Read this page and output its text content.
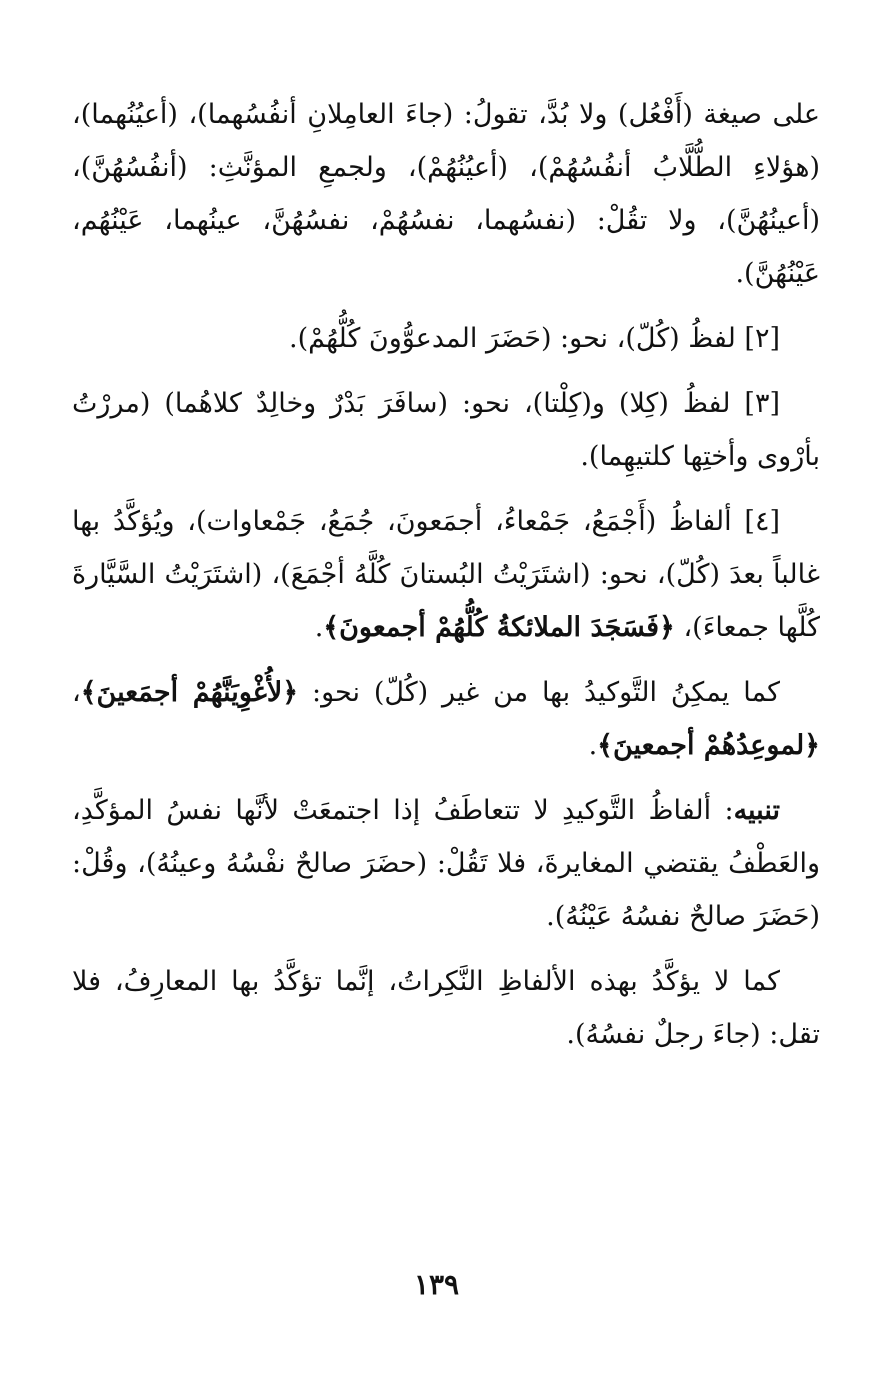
على صيغة (أَفْعُل) ولا بُدَّ، تقولُ: (جاءَ العامِلانِ أنفُسُهما)، (أعيُنُهما)، (هؤلاءِ الطُّلَّابُ أنفُسُهُمْ)، (أعيُنُهُمْ)، ولجمعِ المؤنَّثِ: (أنفُسُهُنَّ)، (أعينُهُنَّ)، ولا تقُلْ: (نفسُهما، نفسُهُمْ، نفسُهُنَّ، عينُهما، عَيْنُهُم، عَيْنُهُنَّ).

[٢] لفظُ (كُلّ)، نحو: (حَضَرَ المدعوُّونَ كُلُّهُمْ).

[٣] لفظُ (كِلا) و(كِلْتا)، نحو: (سافَرَ بَدْرٌ وخالِدٌ كلاهُما) (مررْتُ بأرْوى وأختِها كلتيهِما).

[٤] ألفاظُ (أَجْمَعُ، جَمْعاءُ، أجمَعونَ، جُمَعُ، جَمْعاوات)، ويُؤكَّدُ بها غالباً بعدَ (كُلّ)، نحو: (اشتَرَيْتُ البُستانَ كُلَّهُ أجْمَعَ)، (اشتَرَيْتُ السَّيَّارةَ كُلَّها جمعاءَ)، ﴿فَسَجَدَ الملائكةُ كُلُّهُمْ أجمعونَ﴾.

كما يمكِنُ التَّوكيدُ بها من غير (كُلّ) نحو: ﴿لأُغْوِيَنَّهُمْ أجمَعينَ﴾، ﴿لموعِدُهُمْ أجمعينَ﴾.

تنبيه: ألفاظُ التَّوكيدِ لا تتعاطَفُ إذا اجتمعَتْ لأنَّها نفسُ المؤكَّدِ، والعَطْفُ يقتضي المغايرةَ، فلا تَقُلْ: (حضَرَ صالحٌ نفْسُهُ وعينُهُ)، وقُلْ: (حَضَرَ صالحٌ نفسُهُ عَيْنُهُ).

كما لا يؤكَّدُ بهذه الألفاظِ النَّكِراتُ، إنَّما تؤكَّدُ بها المعارِفُ، فلا تقل: (جاءَ رجلٌ نفسُهُ).

١٣٩
